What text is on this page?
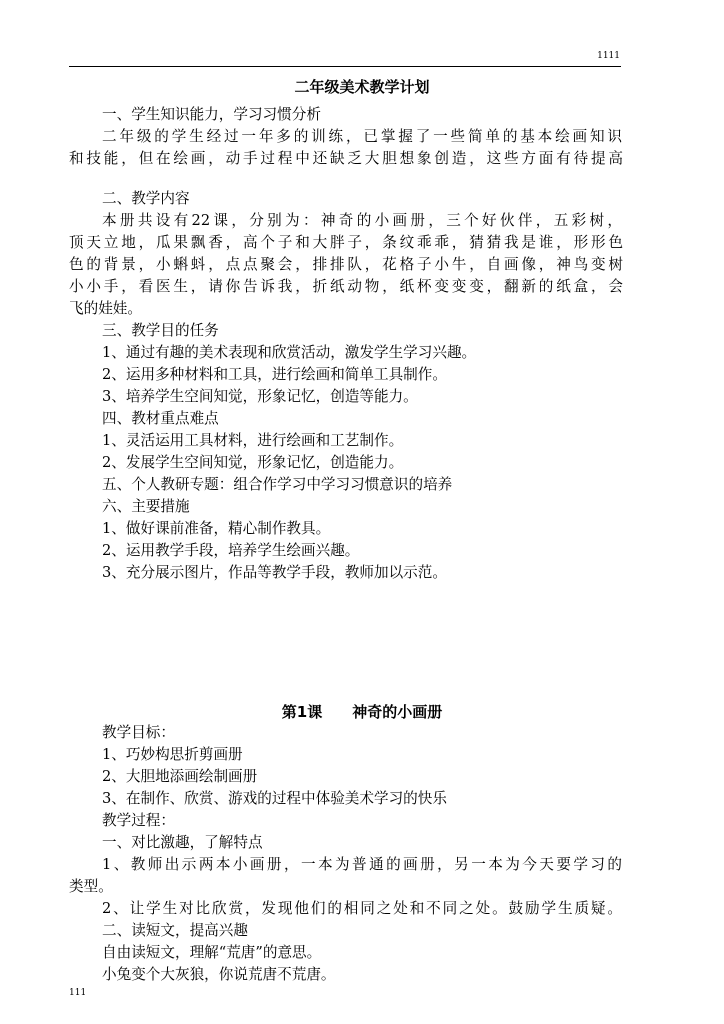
1111
二年级美术教学计划
一、学生知识能力，学习习惯分析
二年级的学生经过一年多的训练，已掌握了一些简单的基本绘画知识
和技能，但在绘画，动手过程中还缺乏大胆想象创造，这些方面有待提高
二、教学内容
本册共设有22课，分别为：神奇的小画册，三个好伙伴，五彩树，
顶天立地，瓜果飘香，高个子和大胖子，条纹乖乖，猜猜我是谁，形形色
色的背景，小蝌蚪，点点聚会，排排队，花格子小牛，自画像，神鸟变树
小小手，看医生，请你告诉我，折纸动物，纸杯变变变，翻新的纸盒，会
飞的娃娃。
三、教学目的任务
1、通过有趣的美术表现和欣赏活动，激发学生学习兴趣。
2、运用多种材料和工具，进行绘画和简单工具制作。
3、培养学生空间知觉，形象记忆，创造等能力。
四、教材重点难点
1、灵活运用工具材料，进行绘画和工艺制作。
2、发展学生空间知觉，形象记忆，创造能力。
五、个人教研专题：组合作学习中学习习惯意识的培养
六、主要措施
1、做好课前准备，精心制作教具。
2、运用教学手段，培养学生绘画兴趣。
3、充分展示图片，作品等教学手段，教师加以示范。
第1课 神奇的小画册
教学目标：
1、巧妙构思折剪画册
2、大胆地添画绘制画册
3、在制作、欣赏、游戏的过程中体验美术学习的快乐
教学过程：
一、对比激趣，了解特点
1、教师出示两本小画册，一本为普通的画册，另一本为今天要学习的
类型。
2、让学生对比欣赏，发现他们的相同之处和不同之处。鼓励学生质疑。
二、读短文，提高兴趣
自由读短文，理解“荒唐”的意思。
小兔变个大灰狼，你说荒唐不荒唐。
111
